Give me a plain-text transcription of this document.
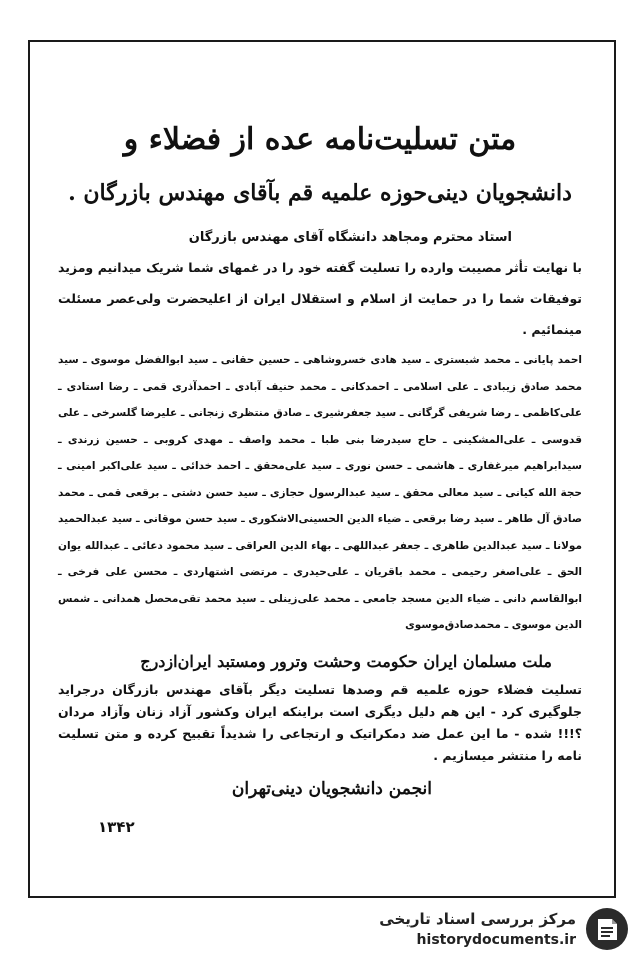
متن تسلیت‌نامه عده از فضلاء و

دانشجویان دینی‌حوزه علمیه قم بآقای مهندس بازرگان .

استاد محترم ومجاهد دانشگاه آقای مهندس بازرگان

با نهایت تأثر مصیبت وارده را تسلیت گفته خود را در غمهای شما شریک میدانیم ومزید توفیقات شما را در حمایت از اسلام و استقلال ایران از اعلیحضرت ولی‌عصر مسئلت مینمائیم .

احمد پایانی ـ محمد شبستری ـ سید هادی خسروشاهی ـ حسین حقانی ـ سید ابوالفضل موسوی ـ سید محمد صادق زیبادی ـ علی اسلامی ـ احمدکانی ـ محمد حنیف آبادی ـ احمدآذری قمی ـ رضا استادی ـ علی‌کاظمی ـ رضا شریفی گرگانی ـ سید جعفرشیری ـ صادق منتظری زنجانی ـ علیرضا گلسرخی ـ علی قدوسی ـ علی‌المشکینی ـ حاج سیدرضا بنی طبا ـ محمد واصف ـ مهدی کروبی ـ حسین زرندی ـ سیدابراهیم میرغفاری ـ هاشمی ـ حسن نوری ـ سید علی‌محقق ـ احمد خدائی ـ سید علی‌اکبر امینی ـ حجة الله کیانی ـ سید معالی محقق ـ سید عبدالرسول حجازی ـ سید حسن دشتی ـ برقعی قمی ـ محمد صادق آل طاهر ـ سید رضا برقعی ـ ضیاء الدین الحسینی‌الاشکوری ـ سید حسن موقانی ـ سید عبدالحمید مولانا ـ سید عبدالدین طاهری ـ جعفر عبداللهی ـ بهاء الدین العراقی ـ سید محمود دعائی ـ عبدالله یوان الحق ـ علی‌اصغر رحیمی ـ محمد باقریان ـ علی‌حیدری ـ مرتضی اشتهاردی ـ محسن علی فرخی ـ ابوالقاسم دانی ـ ضیاء الدین مسجد جامعی ـ محمد علی‌زینلی ـ سید محمد تقی‌محصل همدانی‌ ـ شمس الدین موسوی ـ محمدصادق‌موسوی

ملت مسلمان ایران حکومت وحشت وترور ومستبد ایران‌ازدرج

تسلیت فضلاء حوزه علمیه قم وصدها تسلیت دیگر بآقای مهندس بازرگان درجراید جلوگیری کرد - این هم دلیل دیگری است براینکه ایران وکشور آزاد زنان وآزاد مردان ؟!!! شده - ما این عمل ضد دمکراتیک و ارتجاعی را شدیداً تقبیح کرده و متن تسلیت نامه را منتشر میسازیم .

انجمن دانشجویان دینی‌تهران

۱۳۴۲
مرکز بررسی اسناد تاریخی
historydocuments.ir
